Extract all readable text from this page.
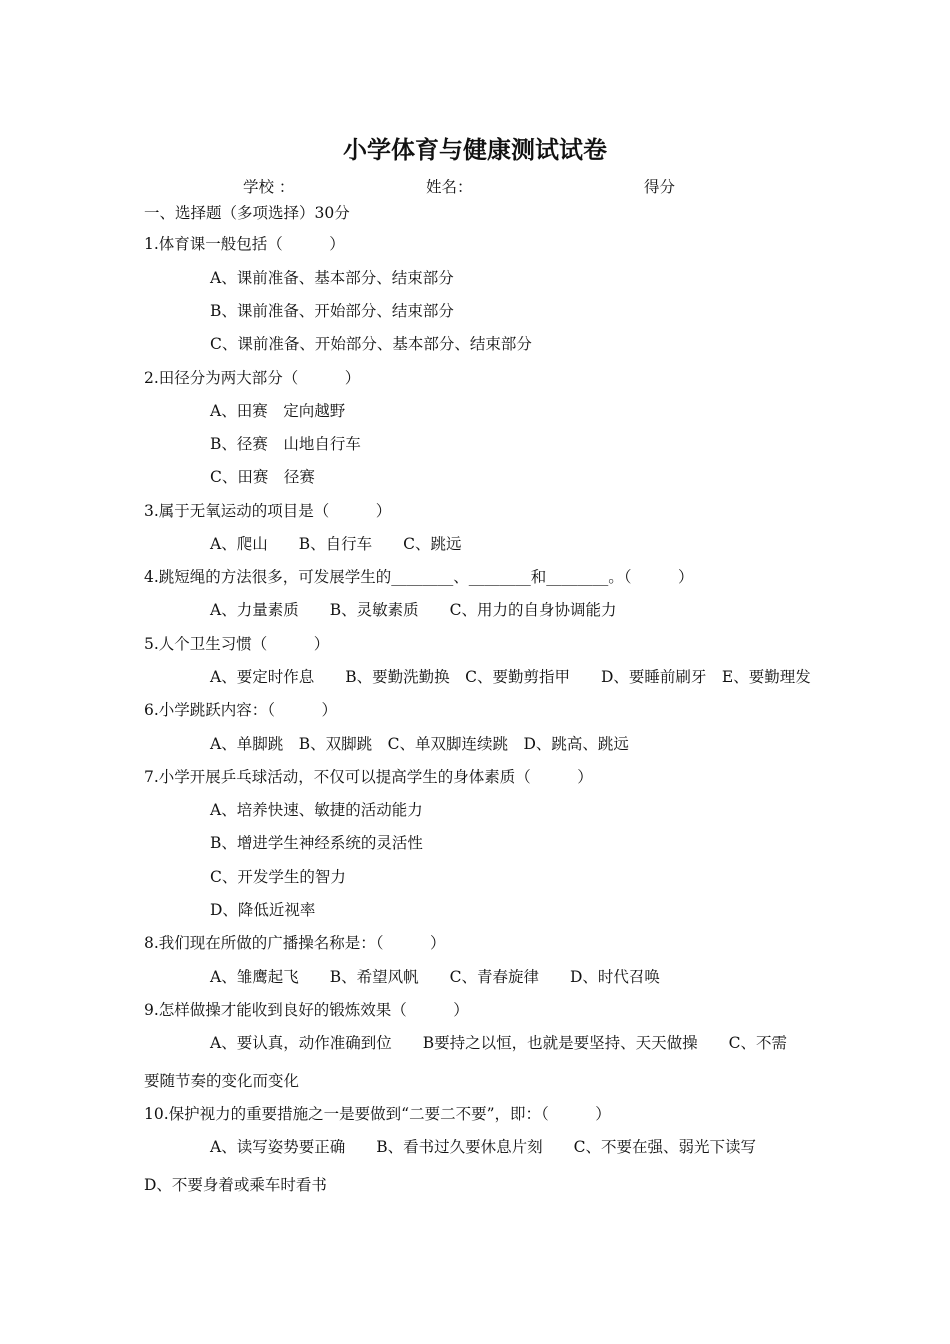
小学体育与健康测试试卷
学校 ：	姓名：	得分
一、选择题（多项选择）30分
1.体育课一般包括（　　　）
A、课前准备、基本部分、结束部分
B、课前准备、开始部分、结束部分
C、课前准备、开始部分、基本部分、结束部分
2.田径分为两大部分（　　　）
A、田赛　定向越野
B、径赛　山地自行车
C、田赛　径赛
3.属于无氧运动的项目是（　　　）
A、爬山　　B、自行车　　C、跳远
4.跳短绳的方法很多，可发展学生的________、________和________。（　　　）
A、力量素质　　B、灵敏素质　　C、用力的自身协调能力
5.人个卫生习惯（　　　）
A、要定时作息　　B、要勤洗勤换　C、要勤剪指甲　　D、要睡前刷牙　E、要勤理发
6.小学跳跃内容：（　　　）
A、单脚跳　B、双脚跳　C、单双脚连续跳　D、跳高、跳远
7.小学开展乒乓球活动，不仅可以提高学生的身体素质（　　　）
A、培养快速、敏捷的活动能力
B、增进学生神经系统的灵活性
C、开发学生的智力
D、降低近视率
8.我们现在所做的广播操名称是：（　　　）
A、雏鹰起飞　　B、希望风帆　　C、青春旋律　　D、时代召唤
9.怎样做操才能收到良好的锻炼效果（　　　）
A、要认真，动作准确到位　　B要持之以恒，也就是要坚持、天天做操　　C、不需
要随节奏的变化而变化
10.保护视力的重要措施之一是要做到“二要二不要”，即：（　　　）
A、读写姿势要正确　　B、看书过久要休息片刻　　C、不要在强、弱光下读写
D、不要身着或乘车时看书
